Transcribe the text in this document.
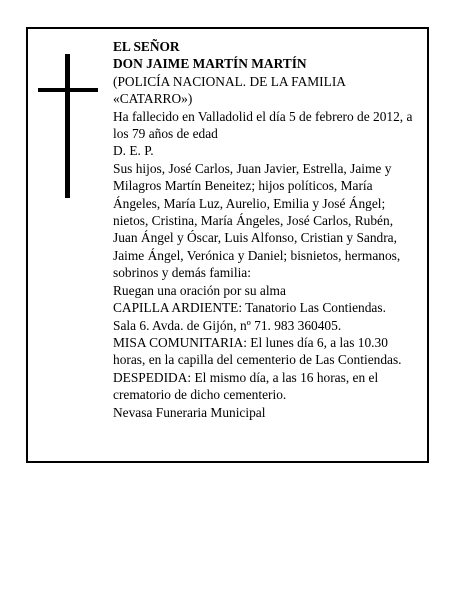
EL SEÑOR
DON JAIME MARTÍN MARTÍN
(POLICÍA NACIONAL. DE LA FAMILIA
«CATARRO»)
Ha fallecido en Valladolid el día 5 de febrero de 2012, a
los 79 años de edad
D. E. P.
Sus hijos, José Carlos, Juan Javier, Estrella, Jaime y
Milagros Martín Beneitez; hijos políticos, María
Ángeles, María Luz, Aurelio, Emilia y José Ángel;
nietos, Cristina, María Ángeles, José Carlos, Rubén,
Juan Ángel y Óscar, Luis Alfonso, Cristian y Sandra,
Jaime Ángel, Verónica y Daniel; bisnietos, hermanos,
sobrinos y demás familia:
Ruegan una oración por su alma
CAPILLA ARDIENTE: Tanatorio Las Contiendas.
Sala 6. Avda. de Gijón, nº 71. 983 360405.
MISA COMUNITARIA: El lunes día 6, a las 10.30
horas, en la capilla del cementerio de Las Contiendas.
DESPEDIDA: El mismo día, a las 16 horas, en el
crematorio de dicho cementerio.
Nevasa Funeraria Municipal
